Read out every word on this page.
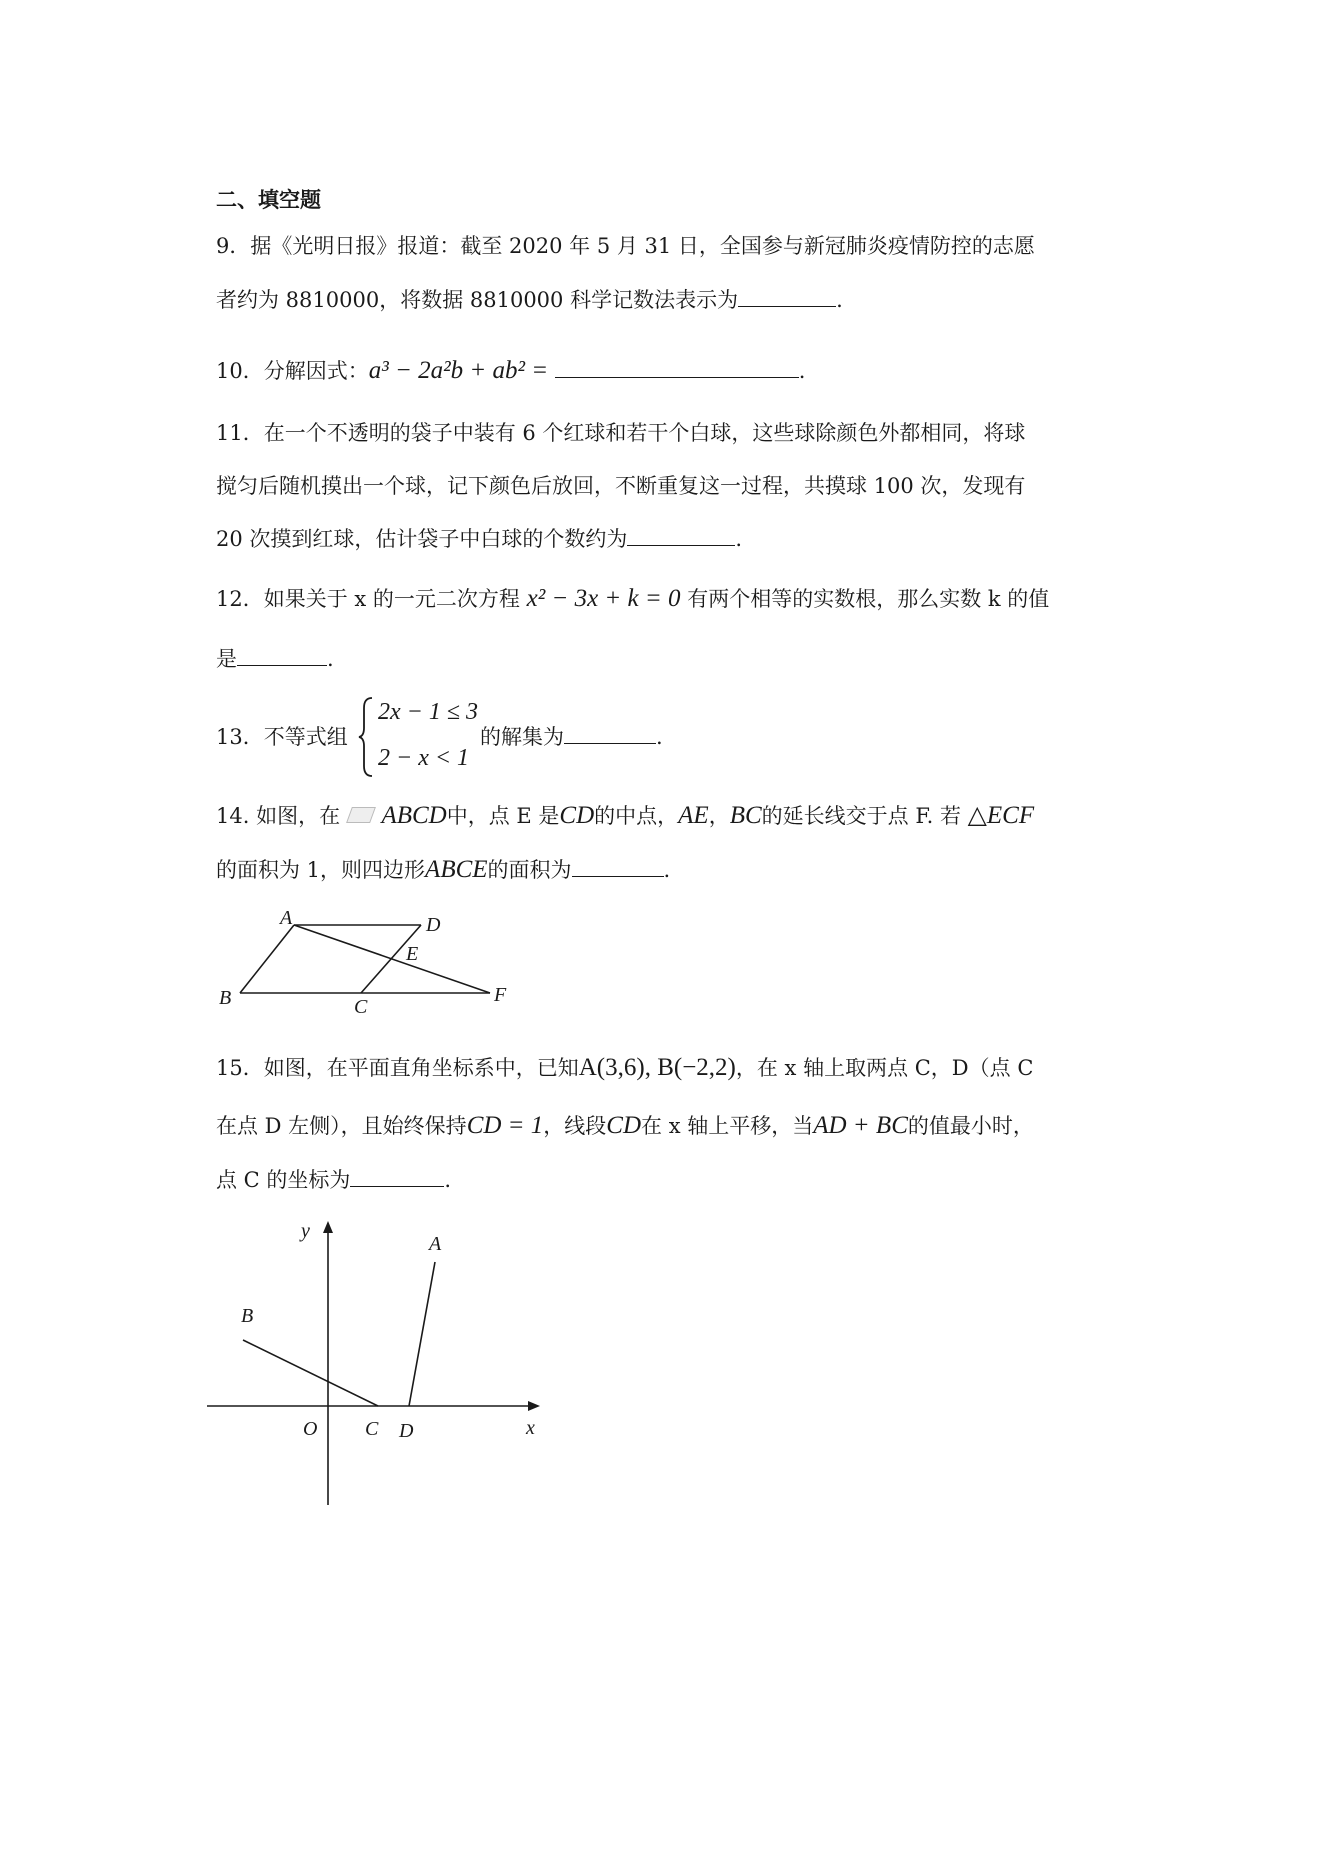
二、填空题
9．据《光明日报》报道：截至 2020 年 5 月 31 日，全国参与新冠肺炎疫情防控的志愿
者约为 8810000，将数据 8810000 科学记数法表示为	.
10．分解因式：a³ − 2a²b + ab² =	.
11．在一个不透明的袋子中装有 6 个红球和若干个白球，这些球除颜色外都相同，将球
搅匀后随机摸出一个球，记下颜色后放回，不断重复这一过程，共摸球 100 次，发现有
20 次摸到红球，估计袋子中白球的个数约为	.
12．如果关于 x 的一元二次方程 x² − 3x + k = 0 有两个相等的实数根，那么实数 k 的值
是	.
13．不等式组
2x − 1 ≤ 3
2 − x < 1
的解集为	.
14. 如图，在 ABCD中，点 E 是CD的中点，AE，BC的延长线交于点 F. 若 △ECF
的面积为 1，则四边形ABCE的面积为	.
A	D
E
B	C
F
15．如图，在平面直角坐标系中，已知A(3,6), B(−2,2)，在 x 轴上取两点 C，D（点 C
在点 D 左侧），且始终保持CD = 1，线段CD在 x 轴上平移，当AD + BC的值最小时，
点 C 的坐标为	.
y
A
B
O C D	x
